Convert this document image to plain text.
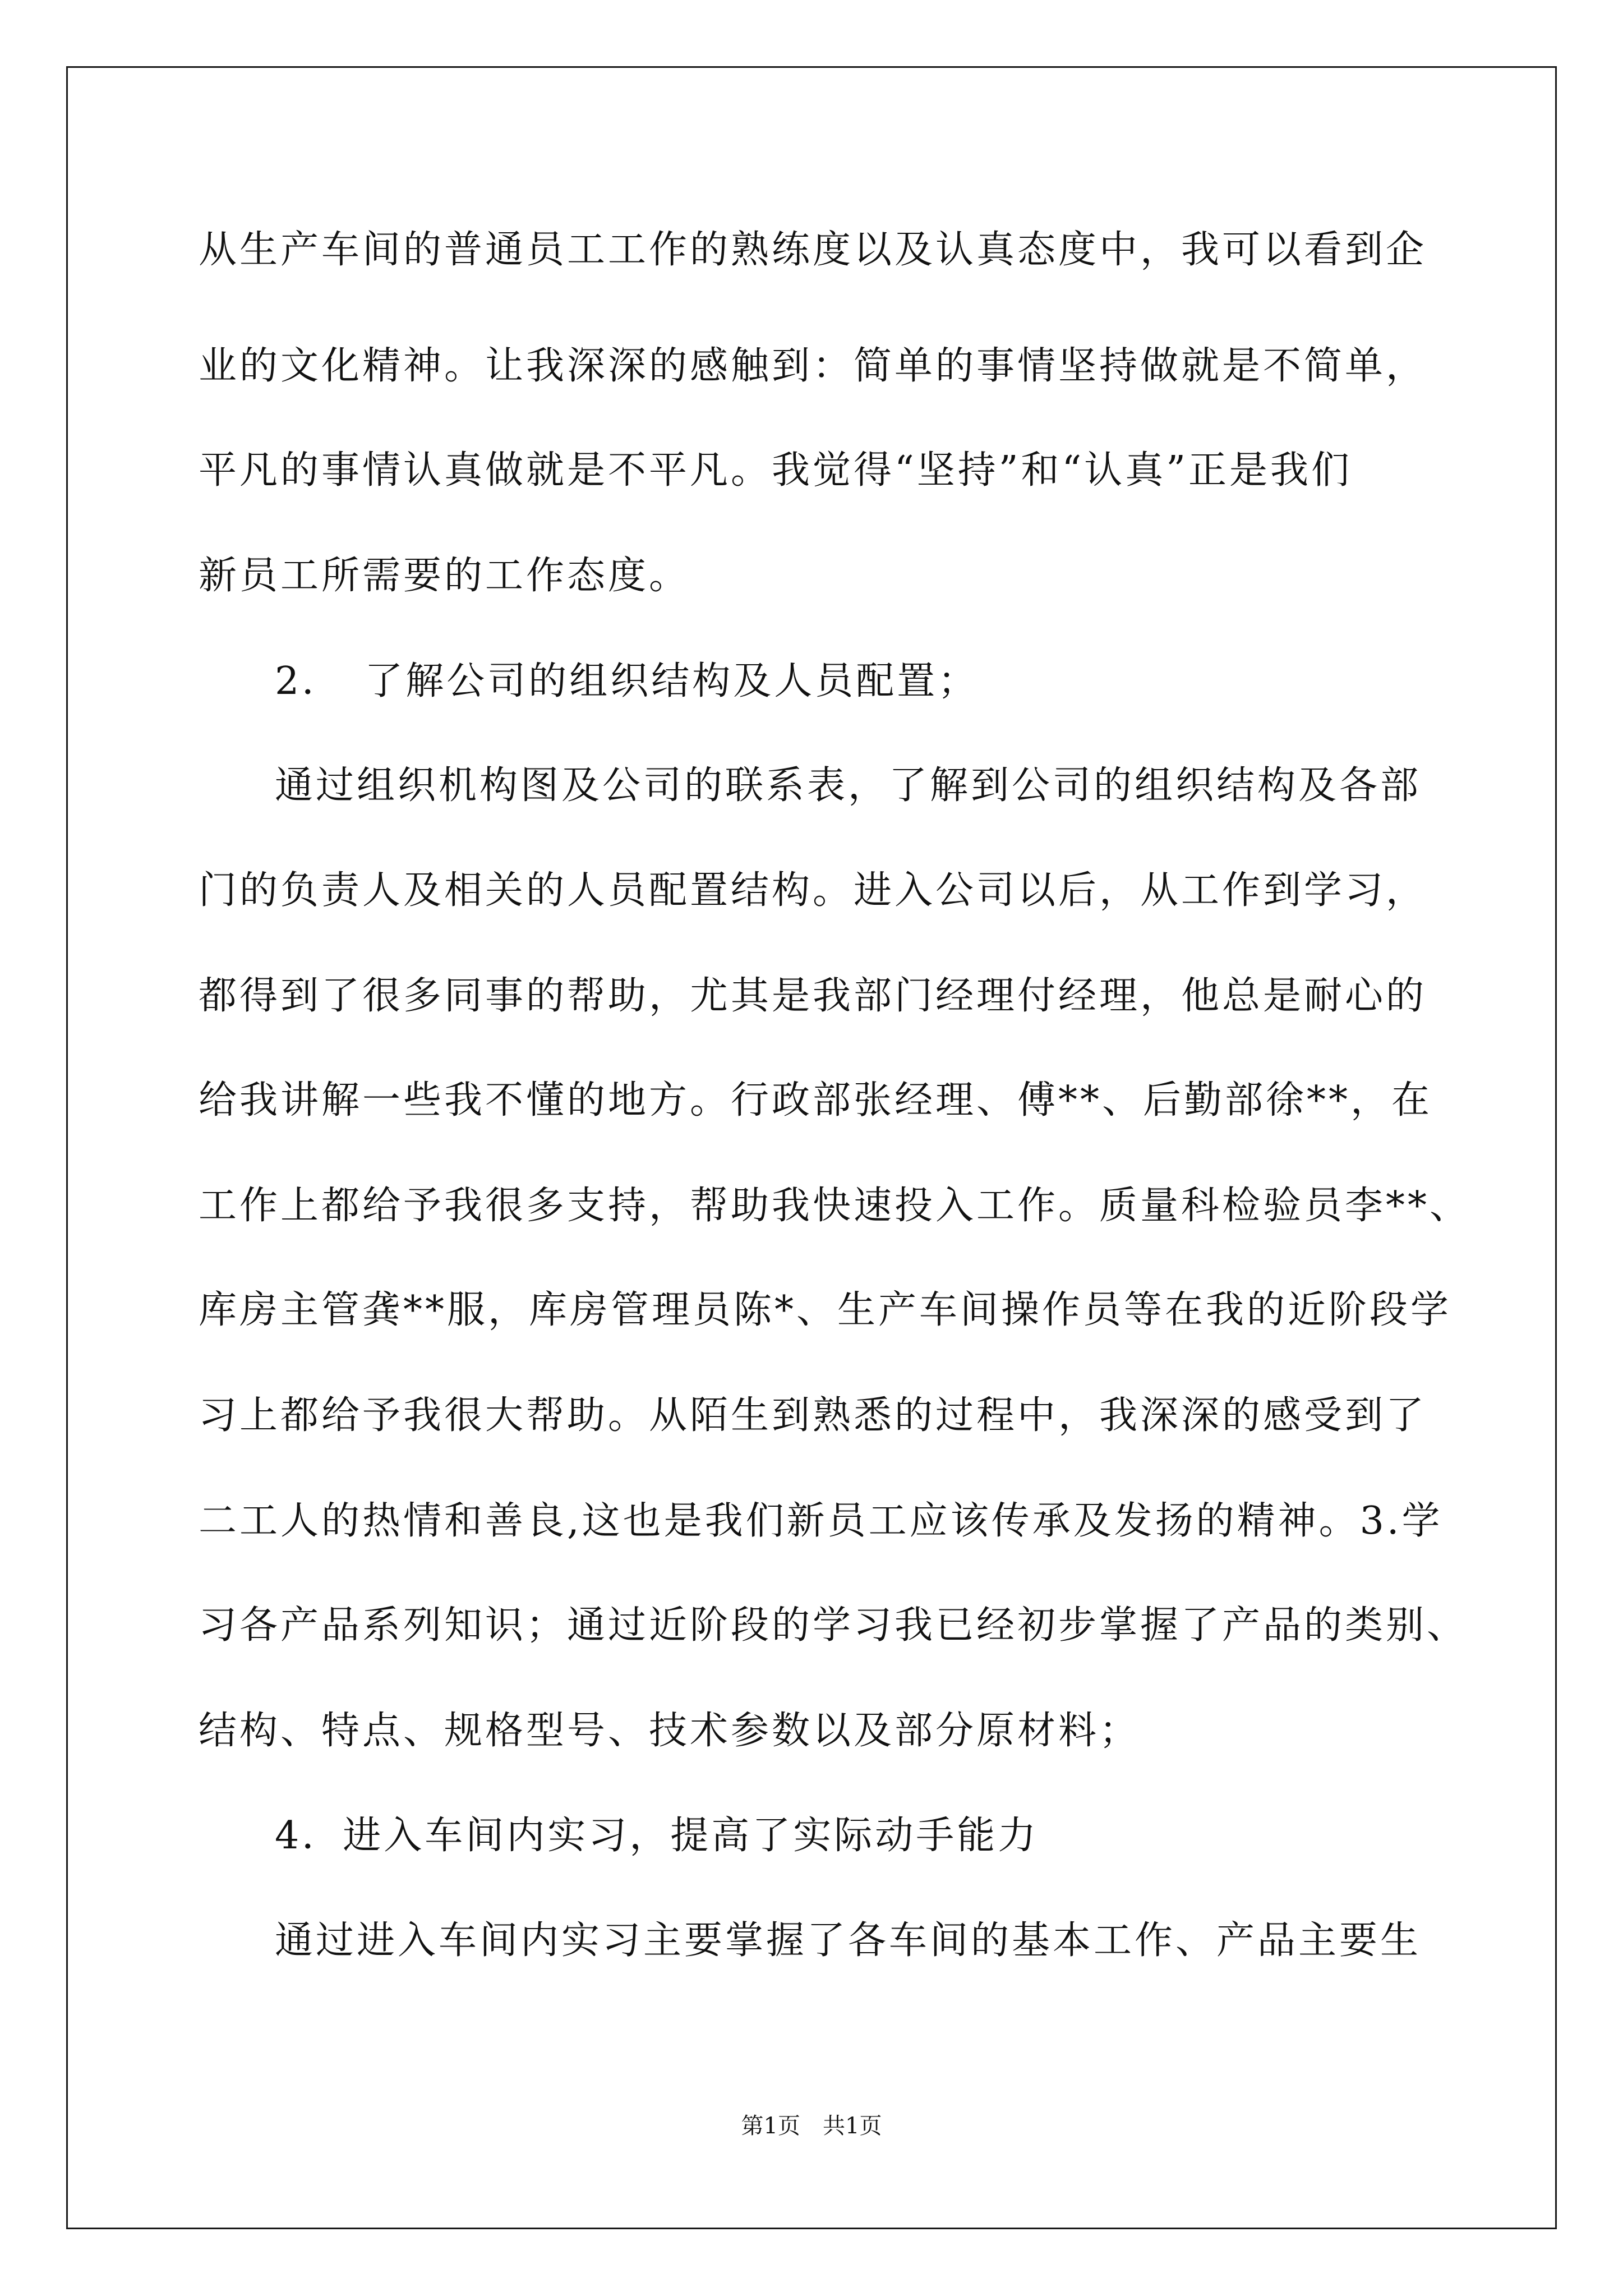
从生产车间的普通员工工作的熟练度以及认真态度中，我可以看到企

业的文化精神。让我深深的感触到：简单的事情坚持做就是不简单，

平凡的事情认真做就是不平凡。我觉得“坚持”和“认真”正是我们

新员工所需要的工作态度。

2．　了解公司的组织结构及人员配置；

通过组织机构图及公司的联系表，了解到公司的组织结构及各部

门的负责人及相关的人员配置结构。进入公司以后，从工作到学习，

都得到了很多同事的帮助，尤其是我部门经理付经理，他总是耐心的

给我讲解一些我不懂的地方。行政部张经理、傅**、后勤部徐**，在

工作上都给予我很多支持，帮助我快速投入工作。质量科检验员李**、

库房主管龚**服，库房管理员陈*、生产车间操作员等在我的近阶段学

习上都给予我很大帮助。从陌生到熟悉的过程中，我深深的感受到了

二工人的热情和善良,这也是我们新员工应该传承及发扬的精神。3.学

习各产品系列知识；通过近阶段的学习我已经初步掌握了产品的类别、

结构、特点、规格型号、技术参数以及部分原材料；

4．进入车间内实习，提高了实际动手能力

通过进入车间内实习主要掌握了各车间的基本工作、产品主要生

第1页　共1页
